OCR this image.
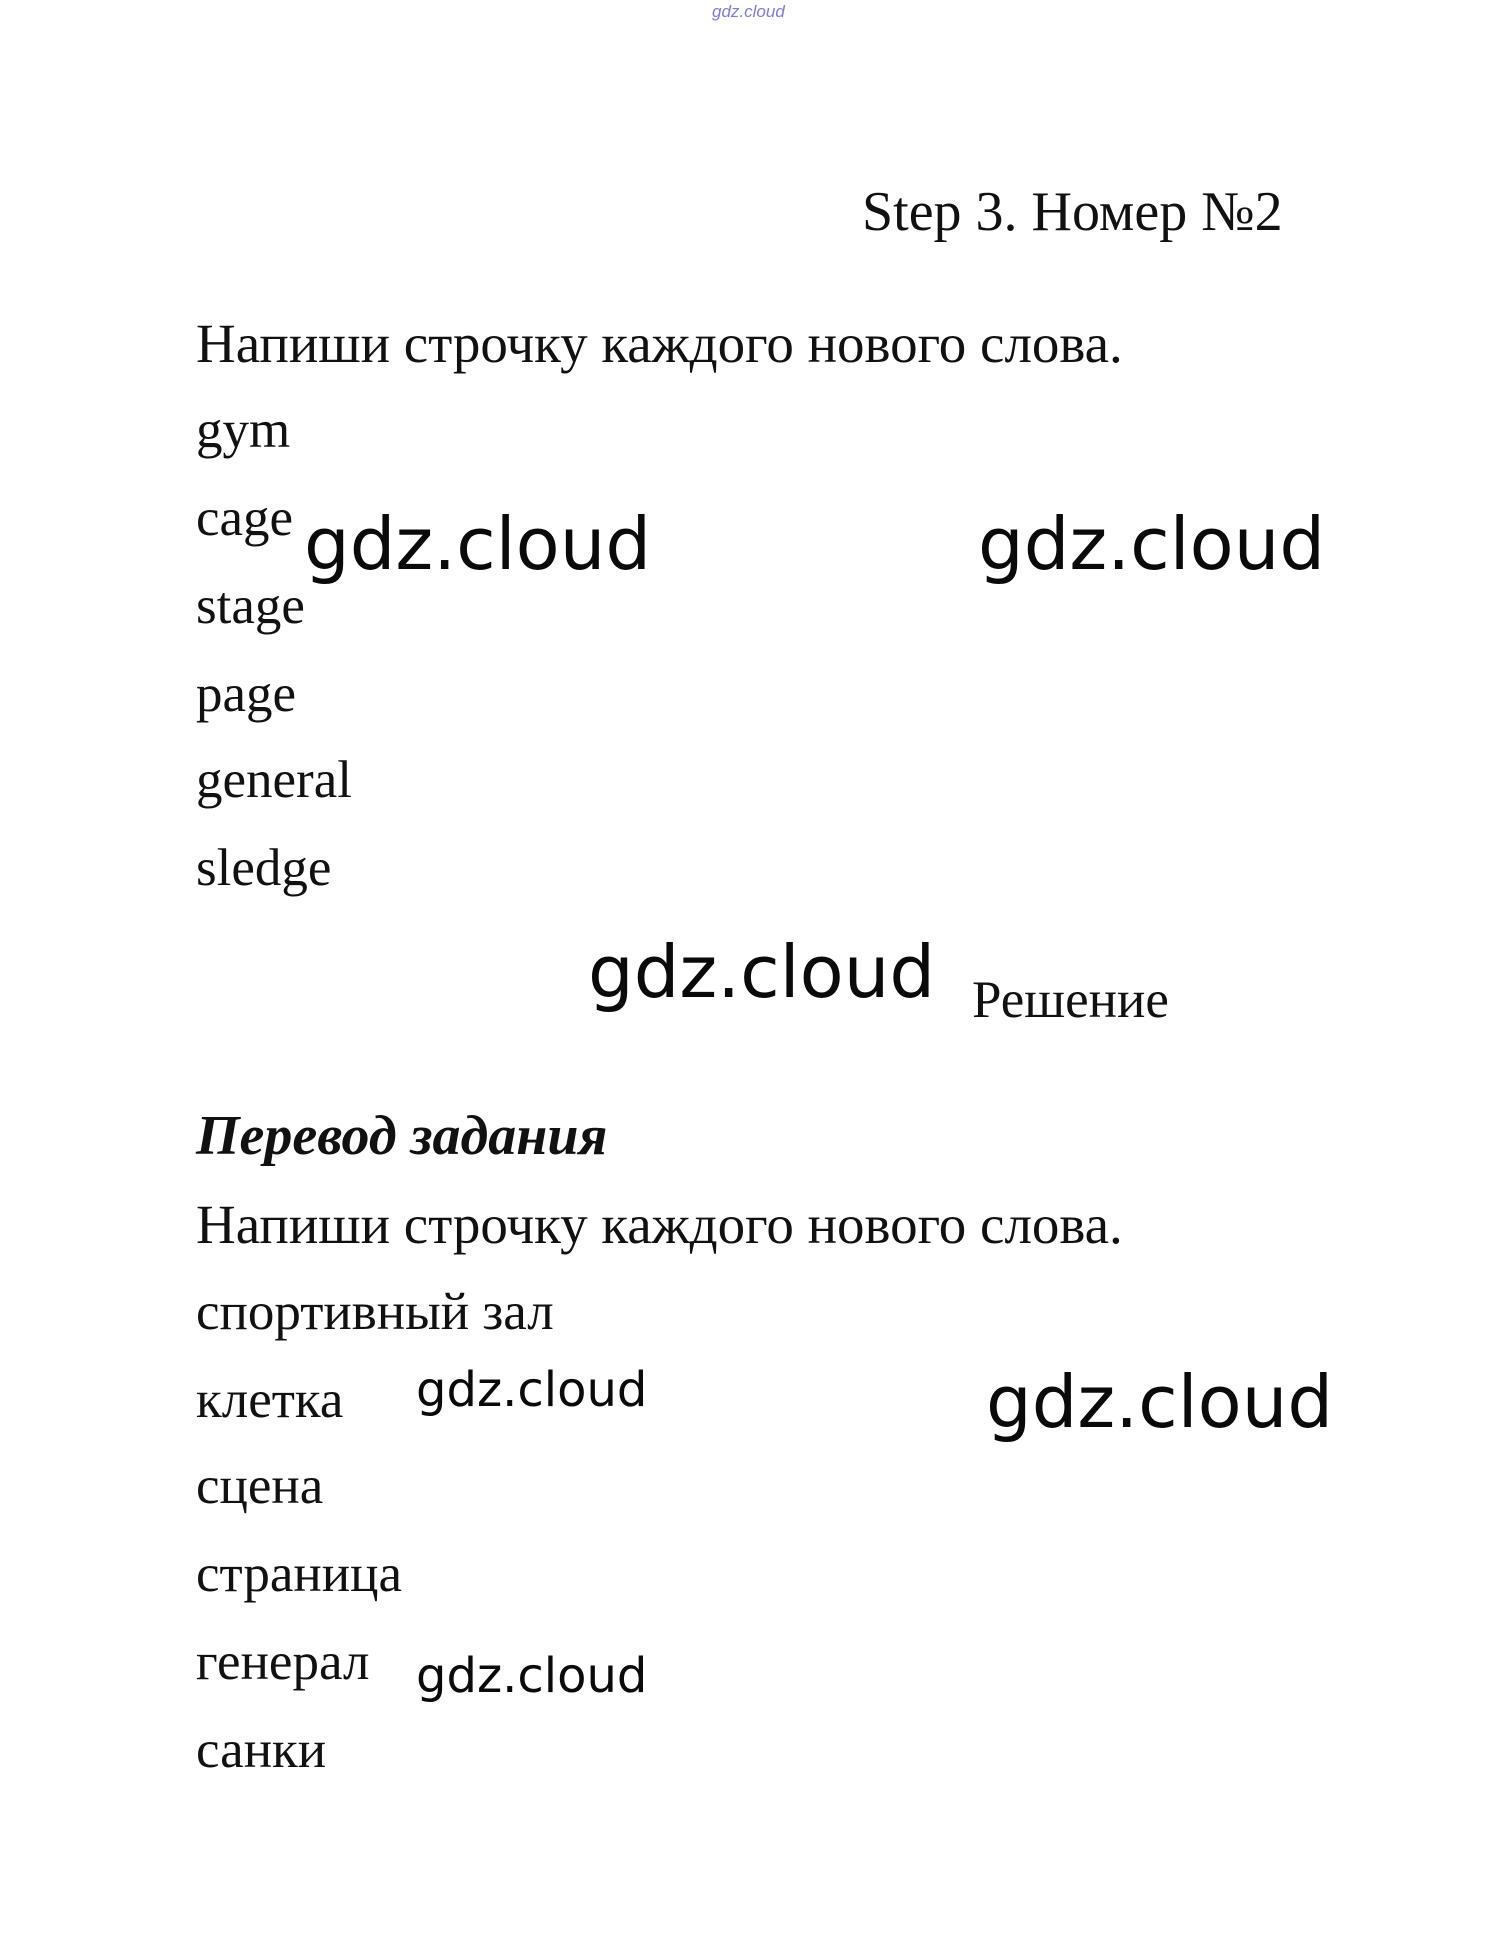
gdz.cloud
Step 3. Номер №2
Напиши строчку каждого нового слова.
gym
cage
stage
page
general
sledge
gdz.cloud	gdz.cloud
gdz.cloud Решение
Перевод задания
Напиши строчку каждого нового слова.
спортивный зал
клетка
сцена
страница
генерал
санки
gdz.cloud	gdz.cloud
gdz.cloud
